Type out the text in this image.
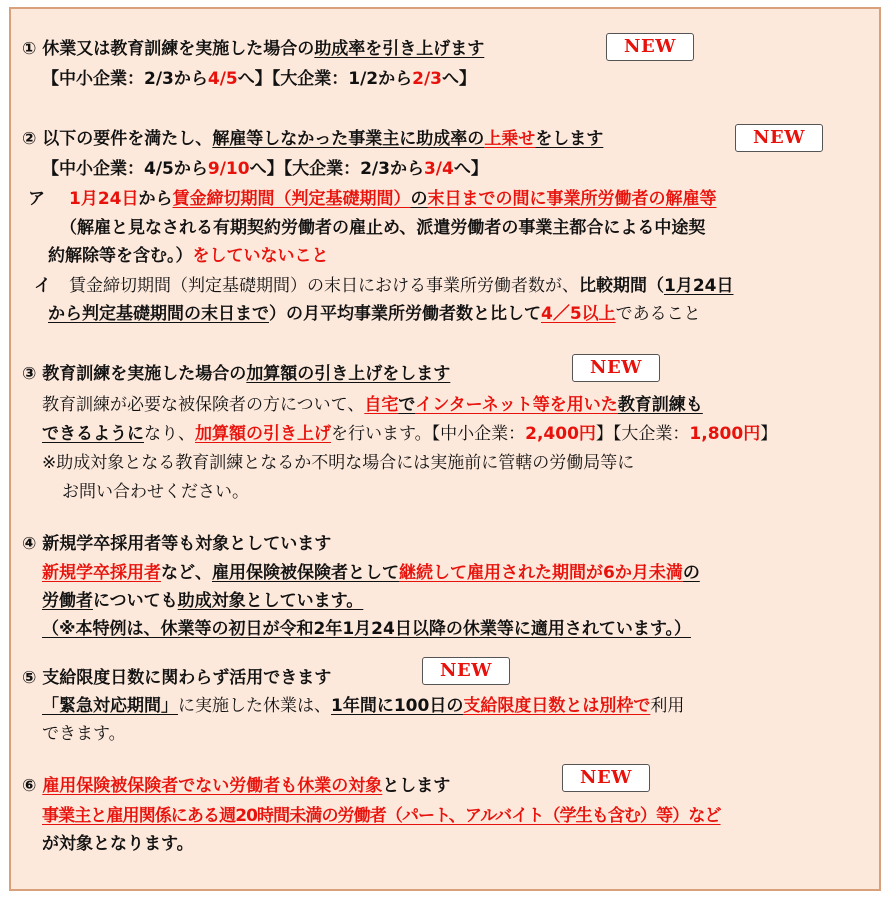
① 休業又は教育訓練を実施した場合の助成率を引き上げます	NEW
【中小企業：2/3から4/5へ】【大企業：1/2から2/3へ】
② 以下の要件を満たし、解雇等しなかった事業主に助成率の上乗せをします	NEW
【中小企業：4/5から9/10へ】【大企業：2/3から3/4へ】
ア 1月24日から賃金締切期間（判定基礎期間）の末日までの間に事業所労働者の解雇等
（解雇と見なされる有期契約労働者の雇止め、派遣労働者の事業主都合による中途契
約解除等を含む。）をしていないこと
イ 賃金締切期間（判定基礎期間）の末日における事業所労働者数が、比較期間（1月24日
から判定基礎期間の末日まで）の月平均事業所労働者数と比して4／5以上であること
③ 教育訓練を実施した場合の加算額の引き上げをします	NEW
教育訓練が必要な被保険者の方について、自宅でインターネット等を用いた教育訓練も
できるようになり、加算額の引き上げを行います。【中小企業：2,400円】【大企業：1,800円】
※助成対象となる教育訓練となるか不明な場合には実施前に管轄の労働局等に
お問い合わせください。
④ 新規学卒採用者等も対象としています
新規学卒採用者など、雇用保険被保険者として継続して雇用された期間が6か月未満の
労働者についても助成対象としています。
（※本特例は、休業等の初日が令和2年1月24日以降の休業等に適用されています。）
⑤ 支給限度日数に関わらず活用できます	NEW
「緊急対応期間」に実施した休業は、1年間に100日の支給限度日数とは別枠で利用
できます。
⑥ 雇用保険被保険者でない労働者も休業の対象とします	NEW
事業主と雇用関係にある週20時間未満の労働者（パート、アルバイト（学生も含む）等）など
が対象となります。
